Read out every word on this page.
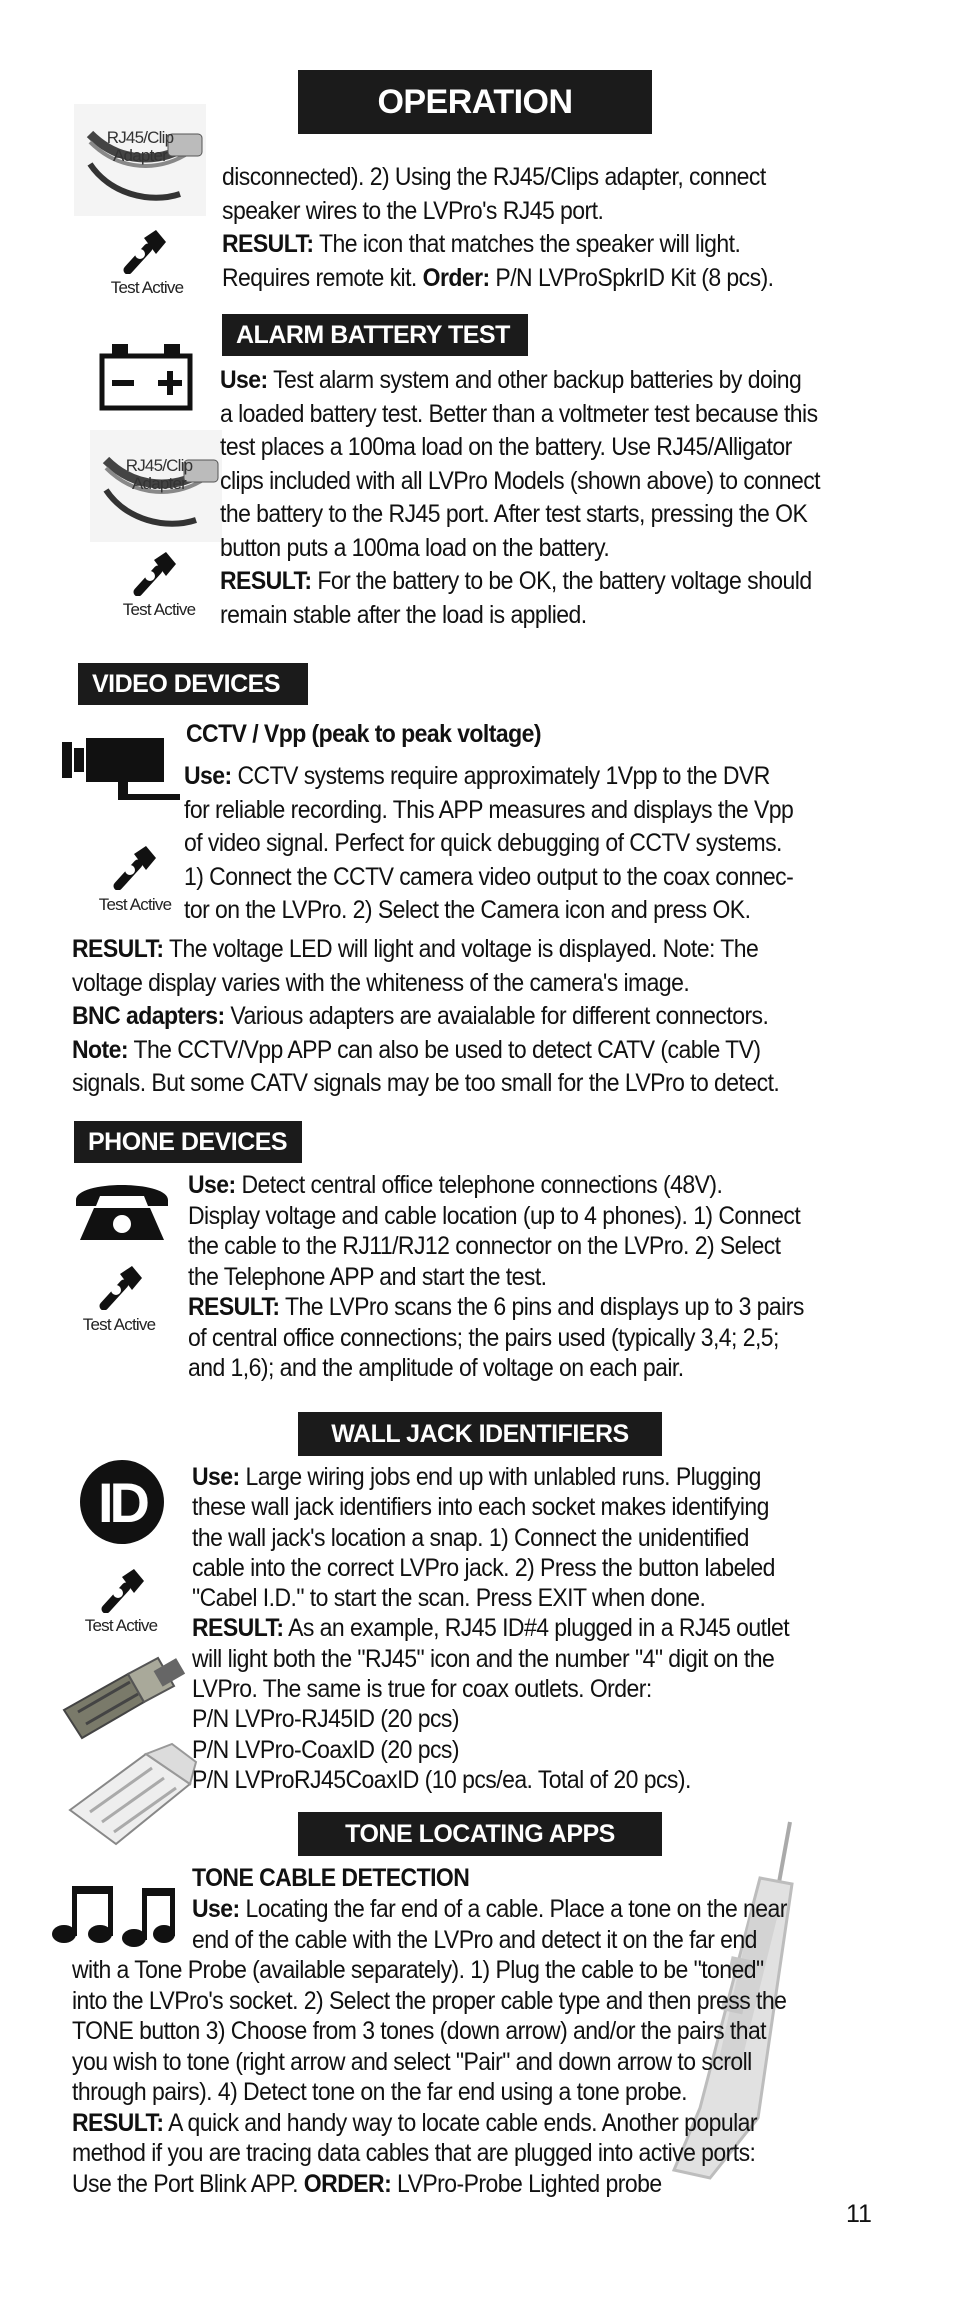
OPERATION
RJ45/Clip
Adapter
Test Active
disconnected). 2) Using the RJ45/Clips adapter, connect
speaker wires to the LVPro's RJ45 port.
RESULT: The icon that matches the speaker will light.
Requires remote kit. Order: P/N LVProSpkrID Kit (8 pcs).
ALARM BATTERY TEST
RJ45/Clip
Adapter
Test Active
Use: Test alarm system and other backup batteries by doing
a loaded battery test. Better than a voltmeter test because this
test places a 100ma load on the battery. Use RJ45/Alligator
clips included with all LVPro Models (shown above) to connect
the battery to the RJ45 port. After test starts, pressing the OK
button puts a 100ma load on the battery.
RESULT: For the battery to be OK, the battery voltage should
remain stable after the load is applied.
VIDEO DEVICES
Test Active
CCTV / Vpp (peak to peak voltage)
Use: CCTV systems require approximately 1Vpp to the DVR
for reliable recording. This APP measures and displays the Vpp
of video signal. Perfect for quick debugging of CCTV systems.
1) Connect the CCTV camera video output to the coax connec-
tor on the LVPro. 2) Select the Camera icon and press OK.
RESULT: The voltage LED will light and voltage is displayed. Note: The
voltage display varies with the whiteness of the camera's image.
BNC adapters: Various adapters are avaialable for different connectors.
Note: The CCTV/Vpp APP can also be used to detect CATV (cable TV)
signals. But some CATV signals may be too small for the LVPro to detect.
PHONE DEVICES
Test Active
Use: Detect central office telephone connections (48V).
Display voltage and cable location (up to 4 phones). 1) Connect
the cable to the RJ11/RJ12 connector on the LVPro. 2) Select
the Telephone APP and start the test.
RESULT: The LVPro scans the 6 pins and displays up to 3 pairs
of central office connections; the pairs used (typically 3,4; 2,5;
and 1,6); and the amplitude of voltage on each pair.
WALL JACK IDENTIFIERS
ID
Test Active
Use: Large wiring jobs end up with unlabled runs. Plugging
these wall jack identifiers into each socket makes identifying
the wall jack's location a snap. 1) Connect the unidentified
cable into the correct LVPro jack. 2) Press the button labeled
"Cabel I.D." to start the scan. Press EXIT when done.
RESULT: As an example, RJ45 ID#4 plugged in a RJ45 outlet
will light both the "RJ45" icon and the number "4" digit on the
LVPro. The same is true for coax outlets. Order:
P/N LVPro-RJ45ID (20 pcs)
P/N LVPro-CoaxID (20 pcs)
P/N LVProRJ45CoaxID (10 pcs/ea. Total of 20 pcs).
TONE LOCATING APPS
TONE CABLE DETECTION
Use: Locating the far end of a cable. Place a tone on the near
end of the cable with the LVPro and detect it on the far end
with a Tone Probe (available separately). 1) Plug the cable to be "toned"
into the LVPro's socket. 2) Select the proper cable type and then press the
TONE button 3) Choose from 3 tones (down arrow) and/or the pairs that
you wish to tone (right arrow and select "Pair" and down arrow to scroll
through pairs). 4) Detect tone on the far end using a tone probe.
RESULT: A quick and handy way to locate cable ends. Another popular
method if you are tracing data cables that are plugged into active ports:
Use the Port Blink APP. ORDER: LVPro-Probe Lighted probe
11
